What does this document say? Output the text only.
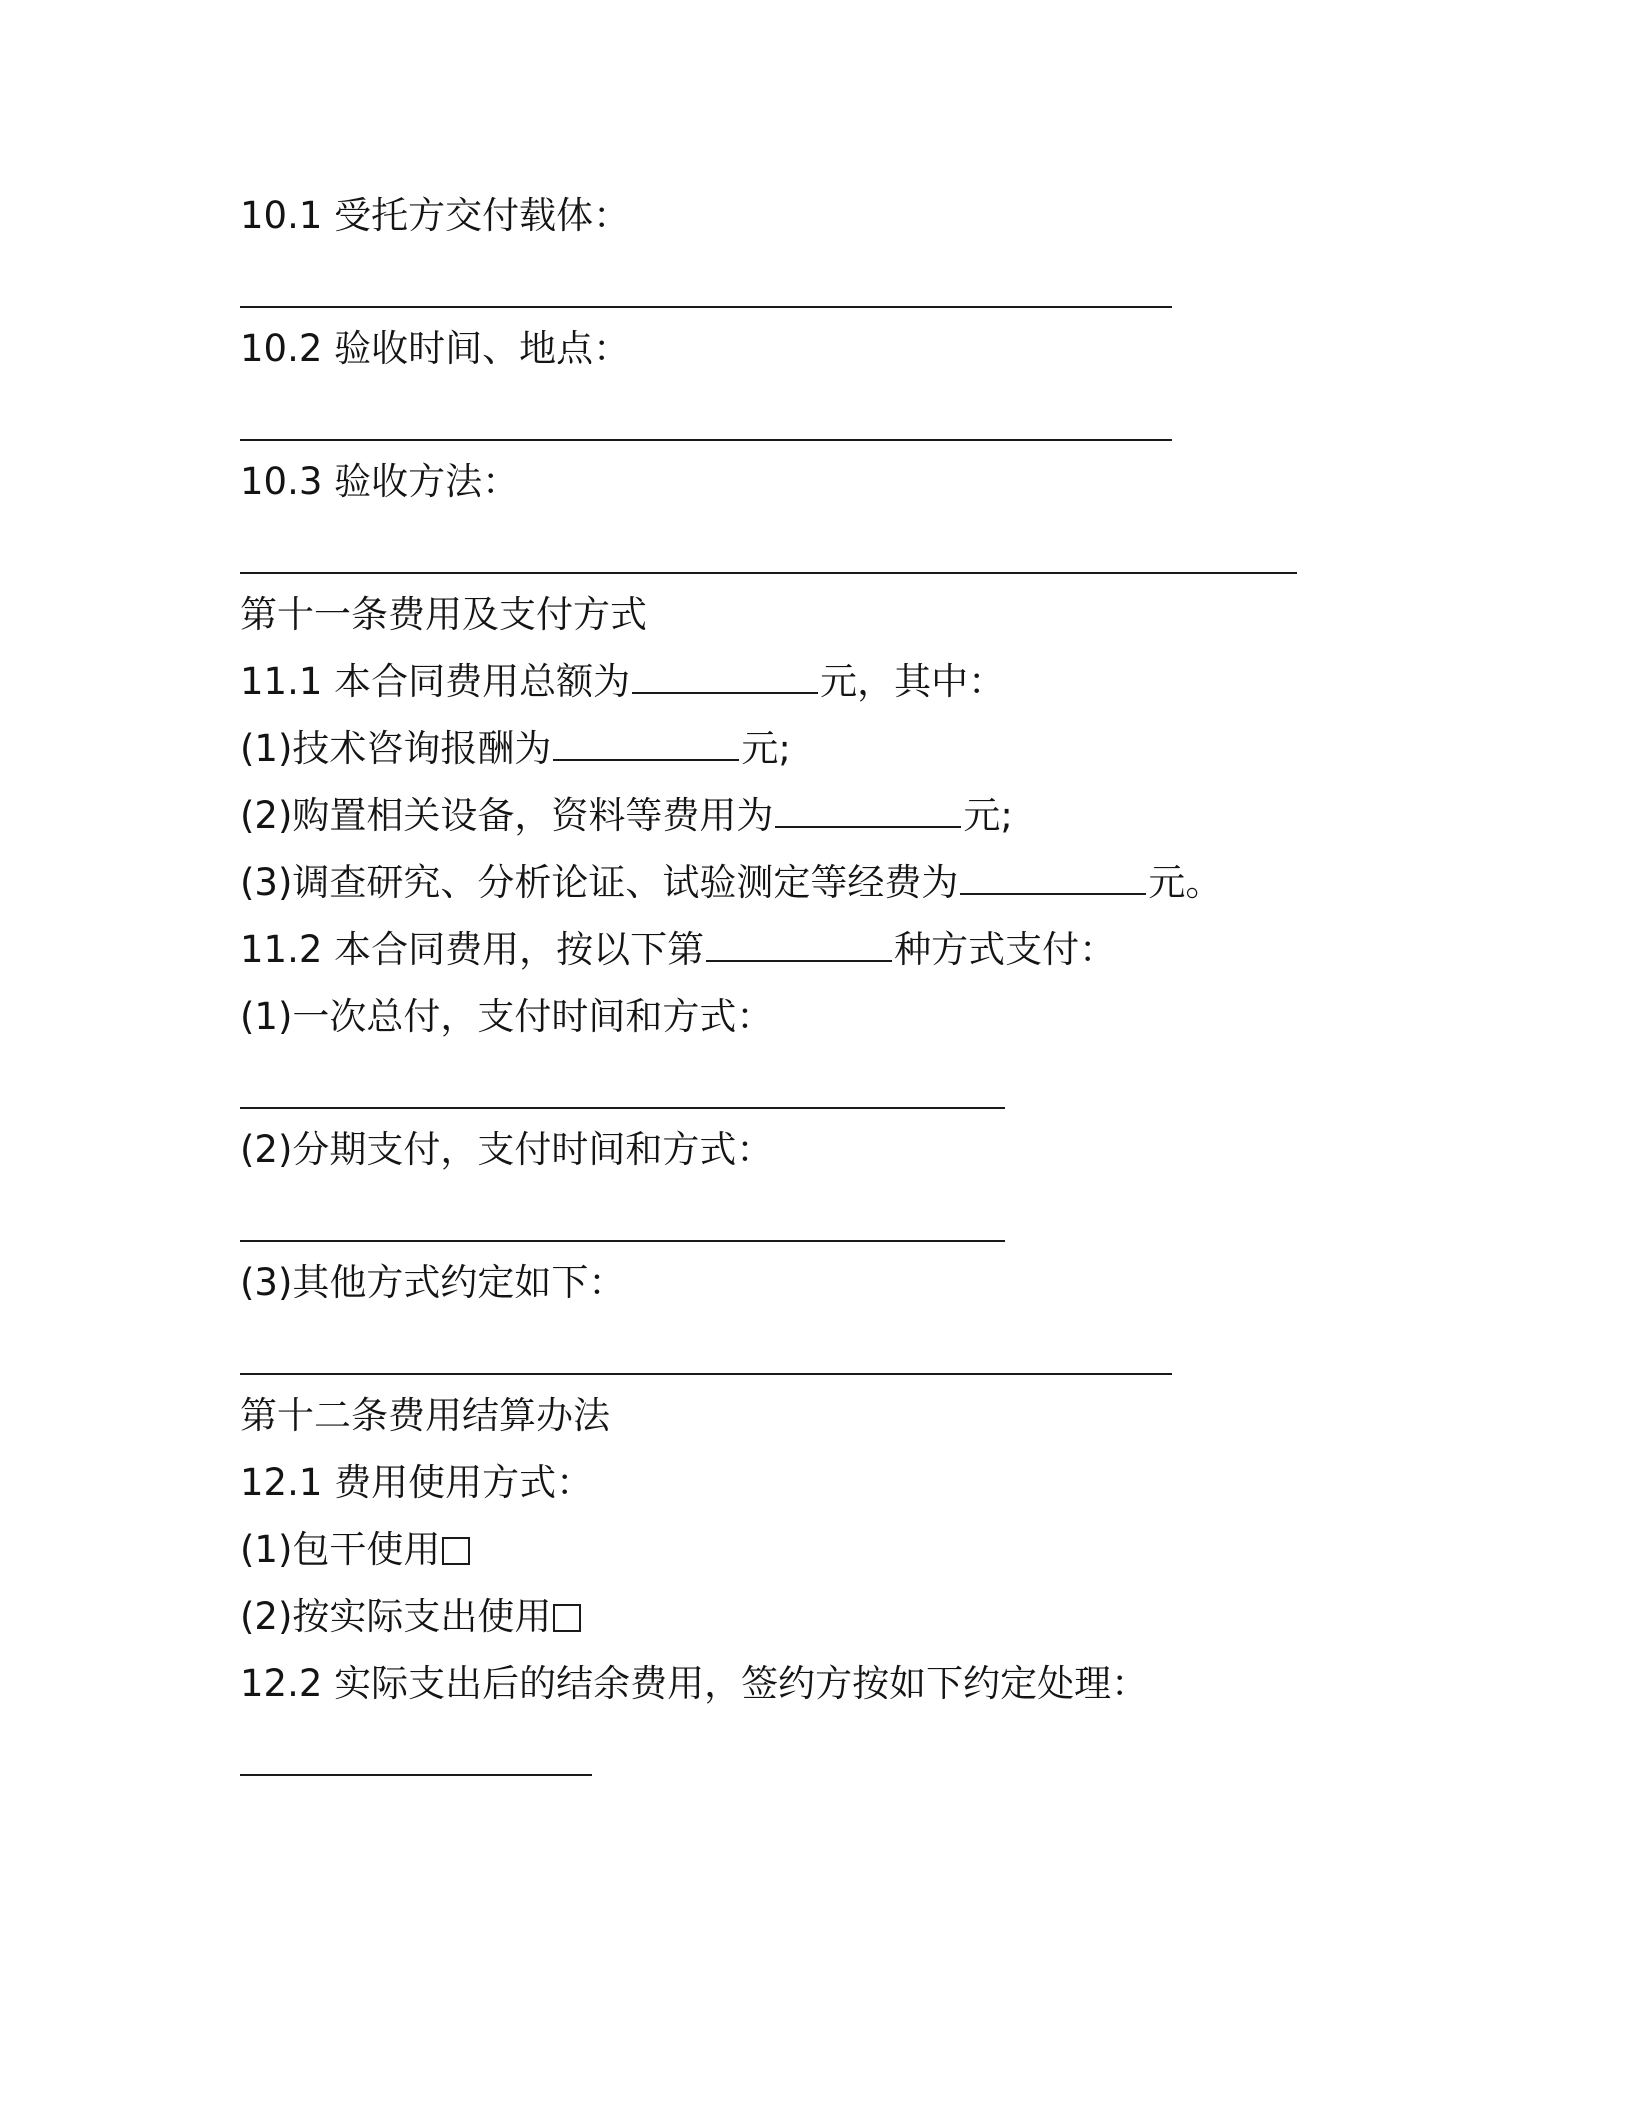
10.1 受托方交付载体：
10.2 验收时间、地点：
10.3 验收方法：
第十一条费用及支付方式
11.1 本合同费用总额为	元，其中：
(1)技术咨询报酬为	元;
(2)购置相关设备，资料等费用为	元;
(3)调查研究、分析论证、试验测定等经费为	元。
11.2 本合同费用，按以下第	种方式支付：
(1)一次总付，支付时间和方式：
(2)分期支付，支付时间和方式：
(3)其他方式约定如下：
第十二条费用结算办法
12.1 费用使用方式：
(1)包干使用
(2)按实际支出使用
12.2 实际支出后的结余费用，签约方按如下约定处理：
